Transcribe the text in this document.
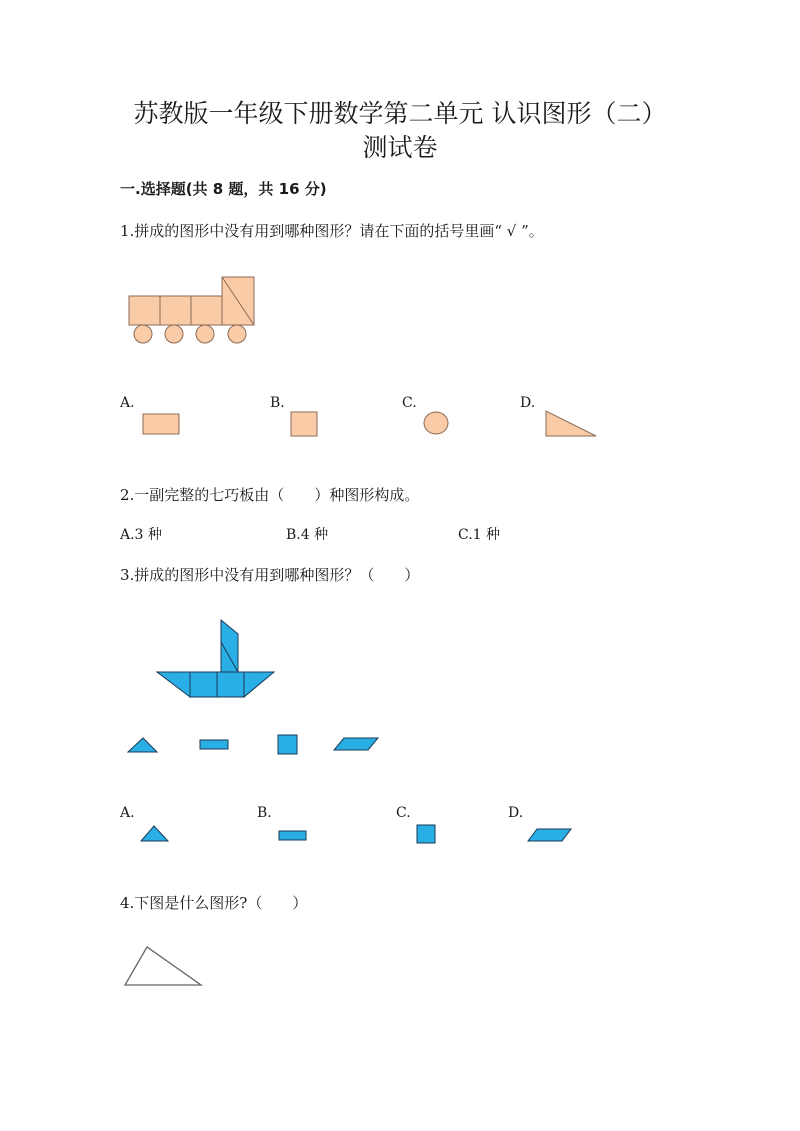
苏教版一年级下册数学第二单元 认识图形（二）
测试卷
一.选择题(共 8 题，共 16 分)
1.拼成的图形中没有用到哪种图形？请在下面的括号里画“ √ ”。
A.	B.	C.	D.
2.一副完整的七巧板由（　　）种图形构成。
A.3 种	B.4 种	C.1 种
3.拼成的图形中没有用到哪种图形？（　　）
A.	B.	C.	D.
4.下图是什么图形?（　　）
